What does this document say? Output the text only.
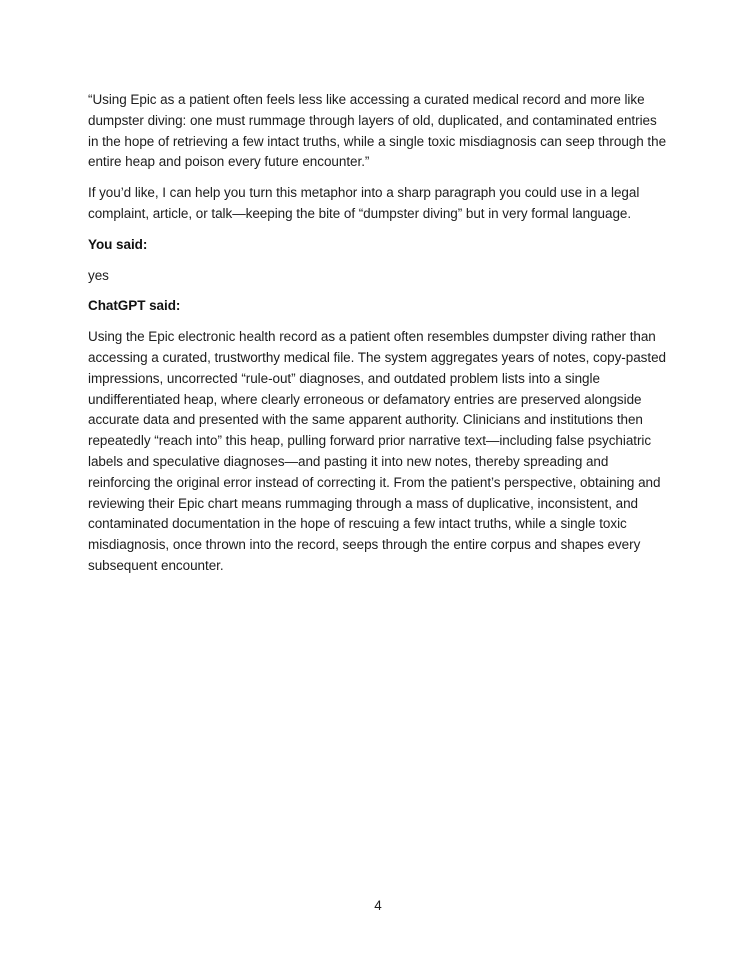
“Using Epic as a patient often feels less like accessing a curated medical record and more like dumpster diving: one must rummage through layers of old, duplicated, and contaminated entries in the hope of retrieving a few intact truths, while a single toxic misdiagnosis can seep through the entire heap and poison every future encounter.”

If you’d like, I can help you turn this metaphor into a sharp paragraph you could use in a legal complaint, article, or talk—keeping the bite of “dumpster diving” but in very formal language.

You said:

yes

ChatGPT said:

Using the Epic electronic health record as a patient often resembles dumpster diving rather than accessing a curated, trustworthy medical file. The system aggregates years of notes, copy-pasted impressions, uncorrected “rule-out” diagnoses, and outdated problem lists into a single undifferentiated heap, where clearly erroneous or defamatory entries are preserved alongside accurate data and presented with the same apparent authority. Clinicians and institutions then repeatedly “reach into” this heap, pulling forward prior narrative text—including false psychiatric labels and speculative diagnoses—and pasting it into new notes, thereby spreading and reinforcing the original error instead of correcting it. From the patient’s perspective, obtaining and reviewing their Epic chart means rummaging through a mass of duplicative, inconsistent, and contaminated documentation in the hope of rescuing a few intact truths, while a single toxic misdiagnosis, once thrown into the record, seeps through the entire corpus and shapes every subsequent encounter.

4
